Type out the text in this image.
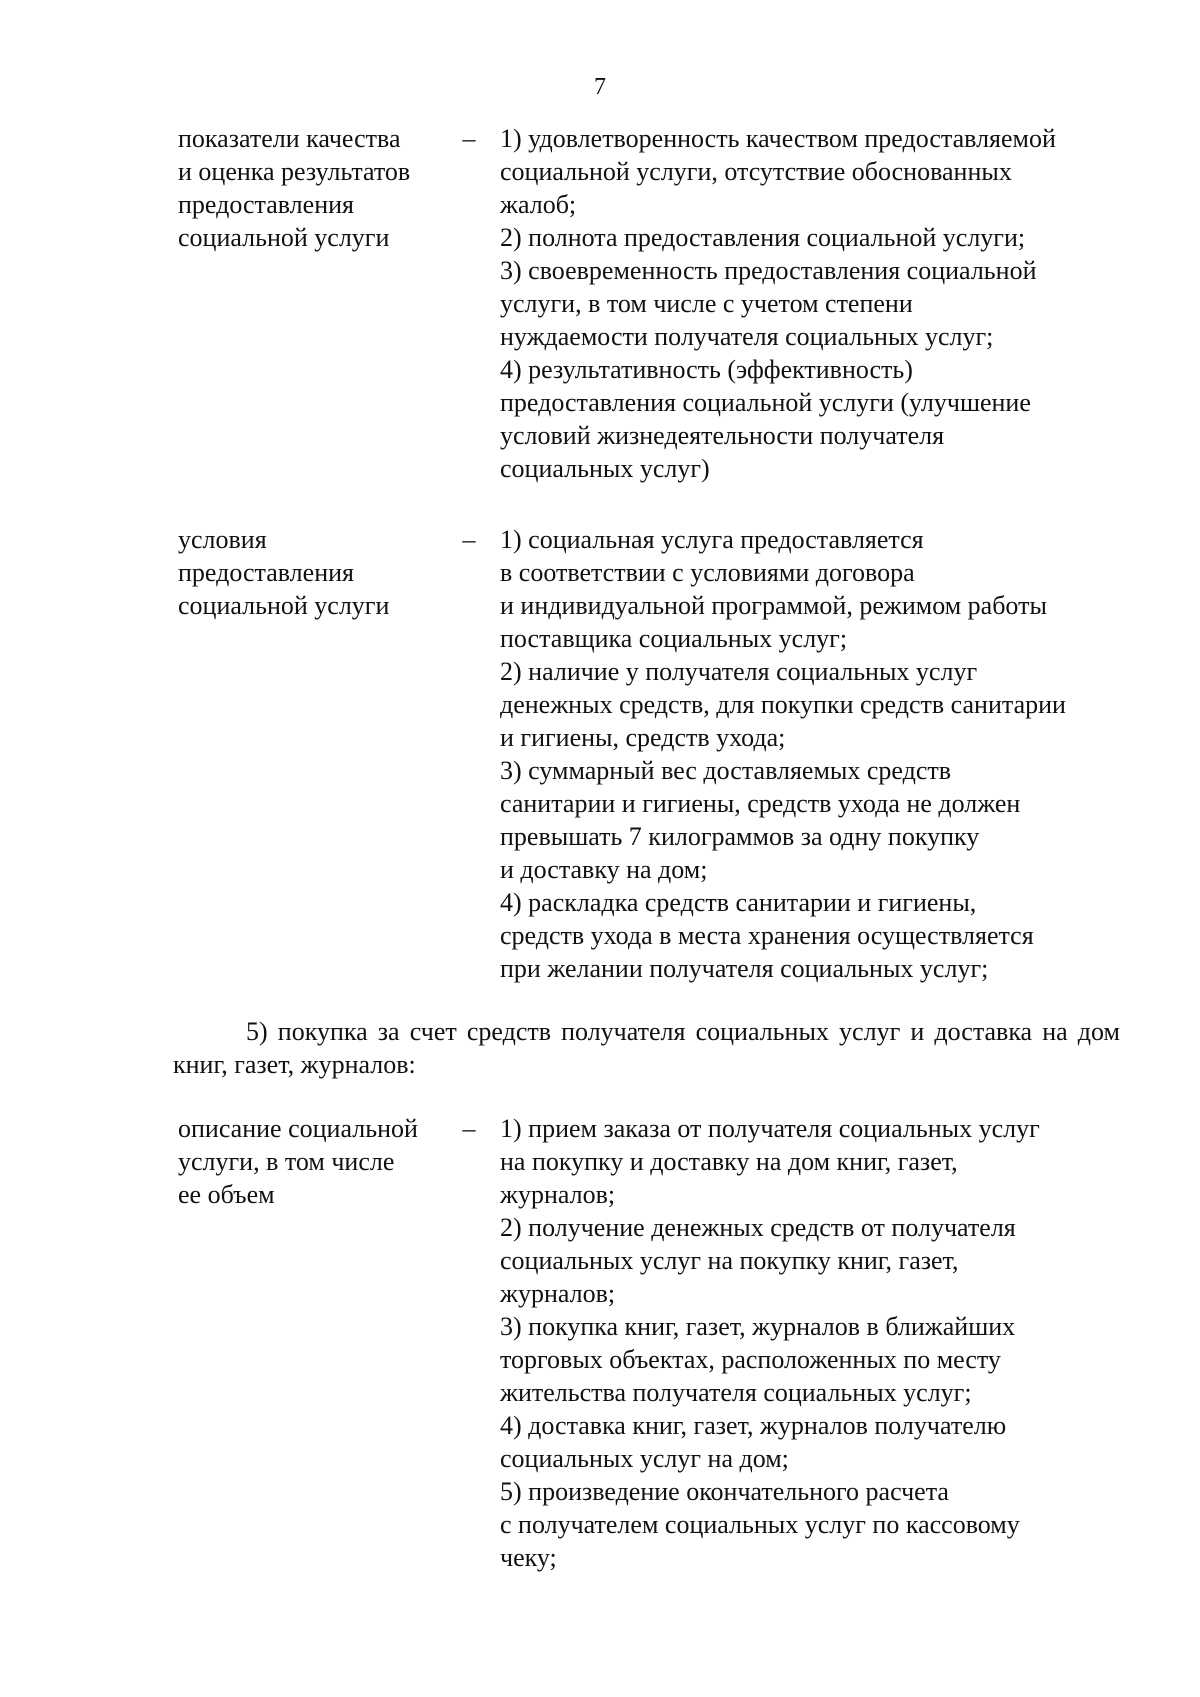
7
показатели качества
и оценка результатов
предоставления
социальной услуги
– 1) удовлетворенность качеством предоставляемой
социальной услуги, отсутствие обоснованных
жалоб;

2) полнота предоставления социальной услуги;

3) своевременность предоставления социальной
услуги, в том числе с учетом степени
нуждаемости получателя социальных услуг;

4) результативность (эффективность)
предоставления социальной услуги (улучшение
условий жизнедеятельности получателя
социальных услуг)

условия
предоставления
социальной услуги
– 1) социальная услуга предоставляется
в соответствии с условиями договора
и индивидуальной программой, режимом работы
поставщика социальных услуг;

2) наличие у получателя социальных услуг
денежных средств, для покупки средств санитарии
и гигиены, средств ухода;

3) суммарный вес доставляемых средств
санитарии и гигиены, средств ухода не должен
превышать 7 килограммов за одну покупку
и доставку на дом;

4) раскладка средств санитарии и гигиены,
средств ухода в места хранения осуществляется
при желании получателя социальных услуг;

5) покупка за счет средств получателя социальных услуг и доставка на дом книг, газет, журналов:

описание социальной
услуги, в том числе
ее объем
– 1) прием заказа от получателя социальных услуг
на покупку и доставку на дом книг, газет,
журналов;

2) получение денежных средств от получателя
социальных услуг на покупку книг, газет,
журналов;

3) покупка книг, газет, журналов в ближайших
торговых объектах, расположенных по месту
жительства получателя социальных услуг;

4) доставка книг, газет, журналов получателю
социальных услуг на дом;

5) произведение окончательного расчета
с получателем социальных услуг по кассовому
чеку;
